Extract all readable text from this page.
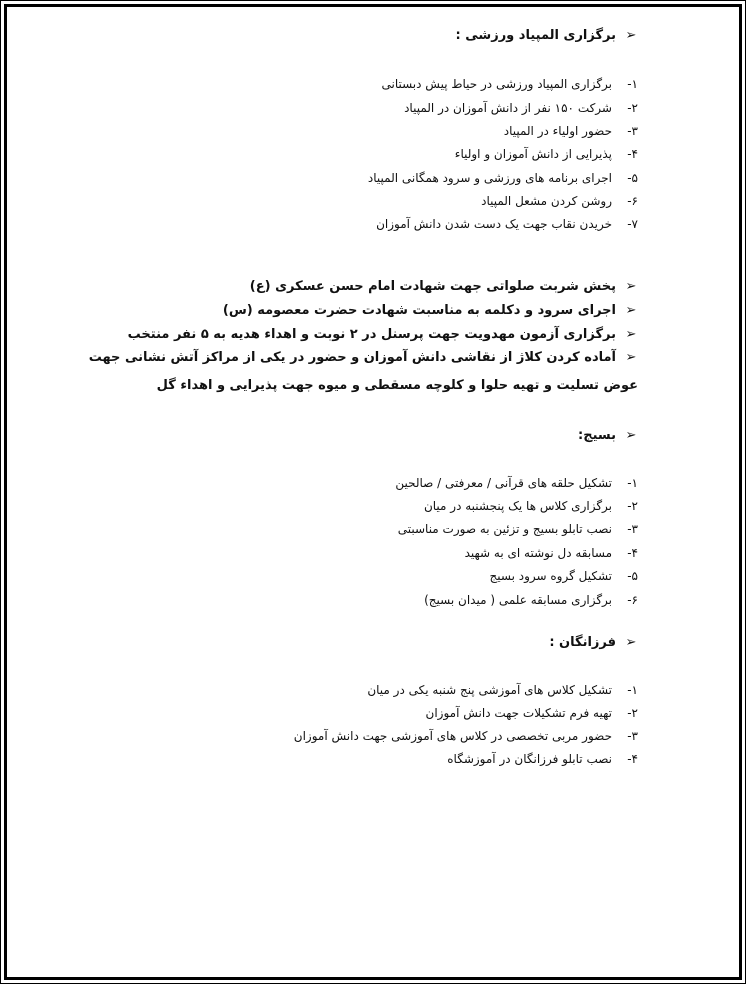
➢برگزاری المپیاد ورزشی :
۱-برگزاری المپیاد ورزشی در حیاط پیش دبستانی
۲-شرکت ۱۵۰ نفر از دانش آموزان در المپیاد
۳-حضور اولیاء در المپیاد
۴-پذیرایی از دانش آموزان و اولیاء
۵-اجرای برنامه های ورزشی و سرود همگانی المپیاد
۶-روشن کردن مشعل المپیاد
۷-خریدن نقاب جهت یک دست شدن دانش آموزان
➢پخش شربت صلواتی جهت شهادت امام حسن عسکری (ع)
➢اجرای سرود و دکلمه به مناسبت شهادت حضرت معصومه (س)
➢برگزاری آزمون مهدویت جهت پرسنل در ۲ نوبت و اهداء هدیه به ۵ نفر منتخب
➢آماده کردن کلاژ از نقاشی دانش آموزان و حضور در یکی از مراکز آتش نشانی جهت عوض تسلیت و تهیه حلوا و کلوچه مسقطی و میوه جهت پذیرایی و اهداء گل
➢بسیج:
۱-تشکیل حلقه های قرآنی / معرفتی / صالحین
۲-برگزاری کلاس ها یک پنجشنبه در میان
۳-نصب تابلو بسیج و تزئین به صورت مناسبتی
۴-مسابقه دل نوشته ای به شهید
۵-تشکیل گروه سرود بسیج
۶-برگزاری مسابقه علمی ( میدان بسیج)
➢فرزانگان :
۱-تشکیل کلاس های آموزشی پنج شنبه یکی در میان
۲-تهیه فرم تشکیلات جهت دانش آموزان
۳-حضور مربی تخصصی در کلاس های آموزشی جهت دانش آموزان
۴-نصب تابلو فرزانگان در آموزشگاه
